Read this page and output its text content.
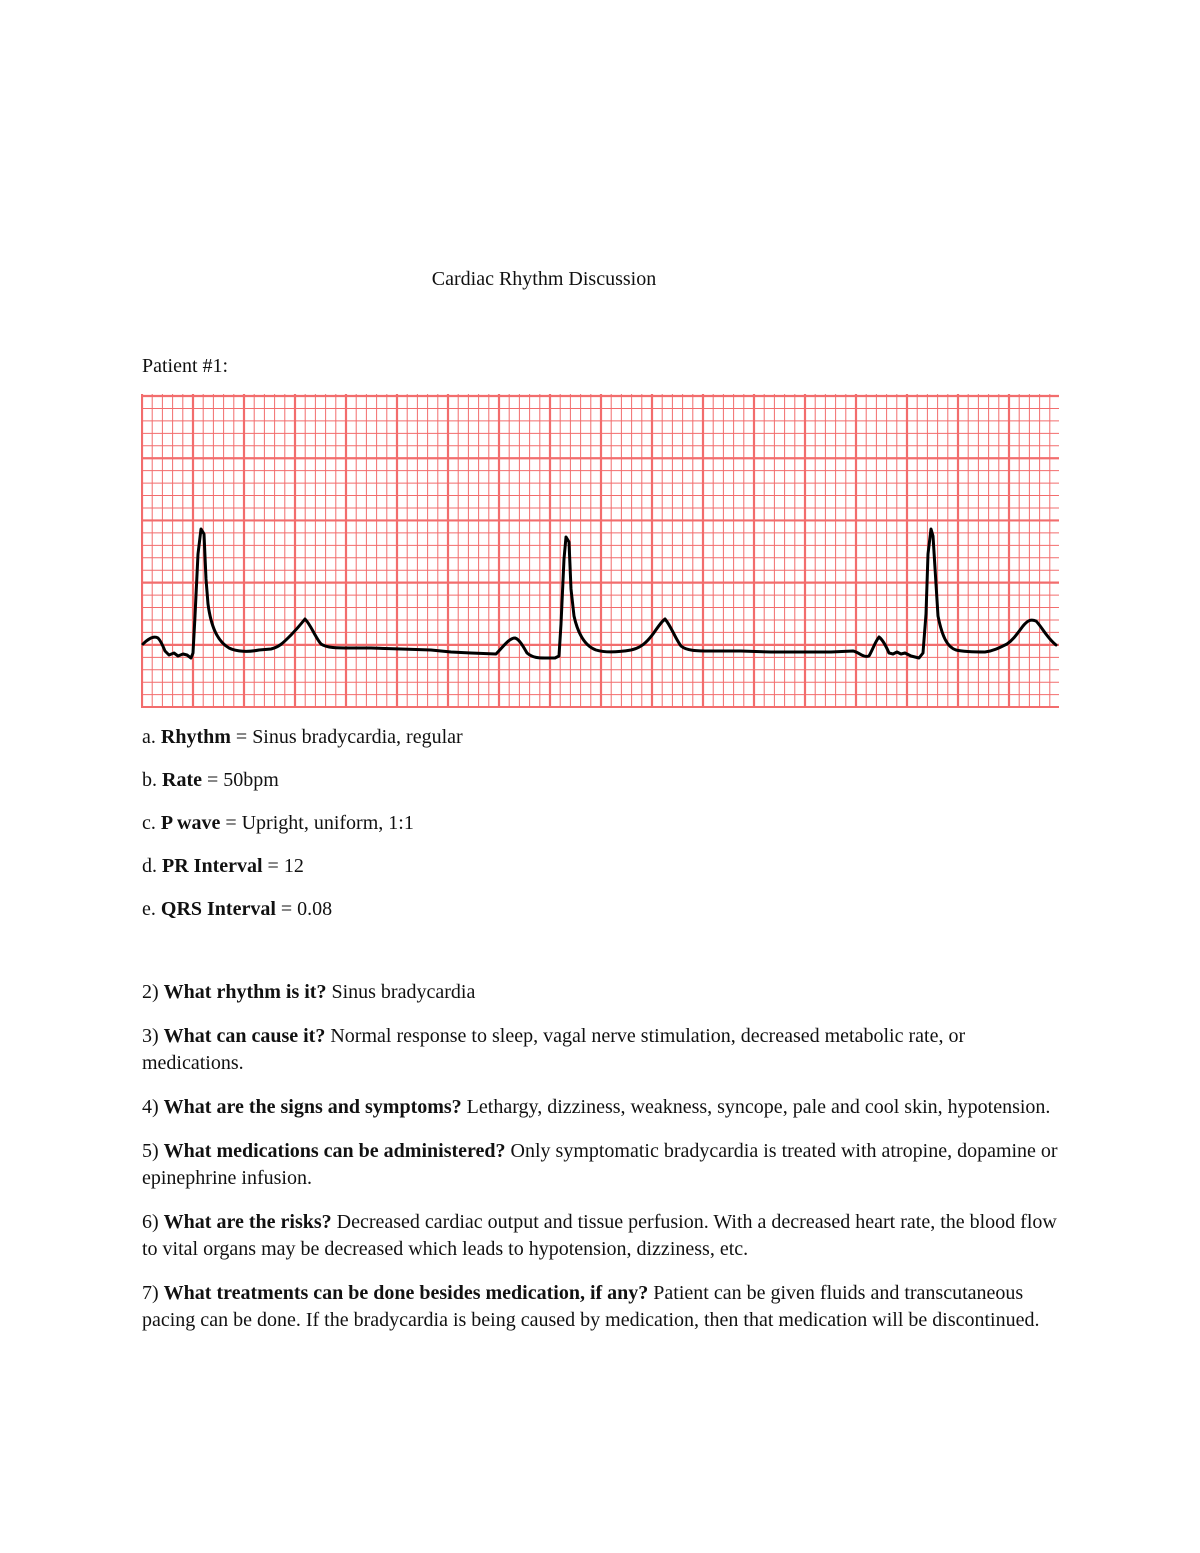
Cardiac Rhythm Discussion
Patient #1:
a. Rhythm = Sinus bradycardia, regular
b. Rate = 50bpm
c. P wave = Upright, uniform, 1:1
d. PR Interval = 12
e. QRS Interval = 0.08

2) What rhythm is it? Sinus bradycardia

3) What can cause it? Normal response to sleep, vagal nerve stimulation, decreased metabolic rate, or medications.

4) What are the signs and symptoms? Lethargy, dizziness, weakness, syncope, pale and cool skin, hypotension.

5) What medications can be administered? Only symptomatic bradycardia is treated with atropine, dopamine or epinephrine infusion.

6) What are the risks? Decreased cardiac output and tissue perfusion. With a decreased heart rate, the blood flow to vital organs may be decreased which leads to hypotension, dizziness, etc.

7) What treatments can be done besides medication, if any? Patient can be given fluids and transcutaneous pacing can be done. If the bradycardia is being caused by medication, then that medication will be discontinued.
